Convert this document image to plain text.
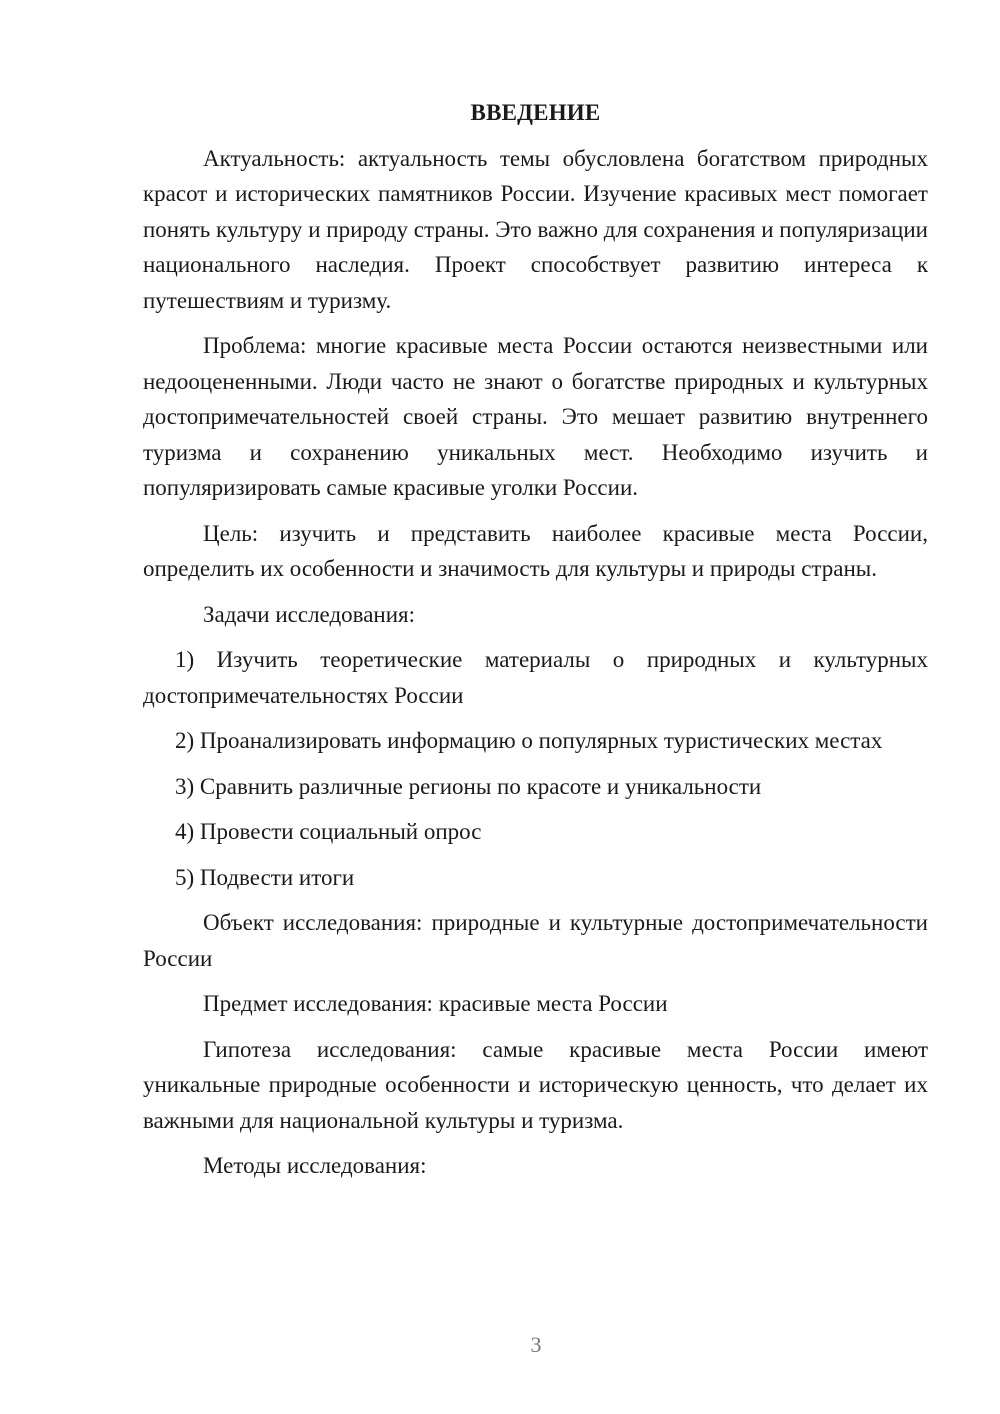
ВВЕДЕНИЕ

Актуальность: актуальность темы обусловлена богатством природных красот и исторических памятников России. Изучение красивых мест помогает понять культуру и природу страны. Это важно для сохранения и популяризации национального наследия. Проект способствует развитию интереса к путешествиям и туризму.

Проблема: многие красивые места России остаются неизвестными или недооцененными. Люди часто не знают о богатстве природных и культурных достопримечательностей своей страны. Это мешает развитию внутреннего туризма и сохранению уникальных мест. Необходимо изучить и популяризировать самые красивые уголки России.

Цель: изучить и представить наиболее красивые места России, определить их особенности и значимость для культуры и природы страны.

Задачи исследования:

1) Изучить теоретические материалы о природных и культурных достопримечательностях России

2) Проанализировать информацию о популярных туристических местах

3) Сравнить различные регионы по красоте и уникальности

4) Провести социальный опрос

5) Подвести итоги

Объект исследования: природные и культурные достопримечательности России

Предмет исследования: красивые места России

Гипотеза исследования: самые красивые места России имеют уникальные природные особенности и историческую ценность, что делает их важными для национальной культуры и туризма.

Методы исследования:

3
